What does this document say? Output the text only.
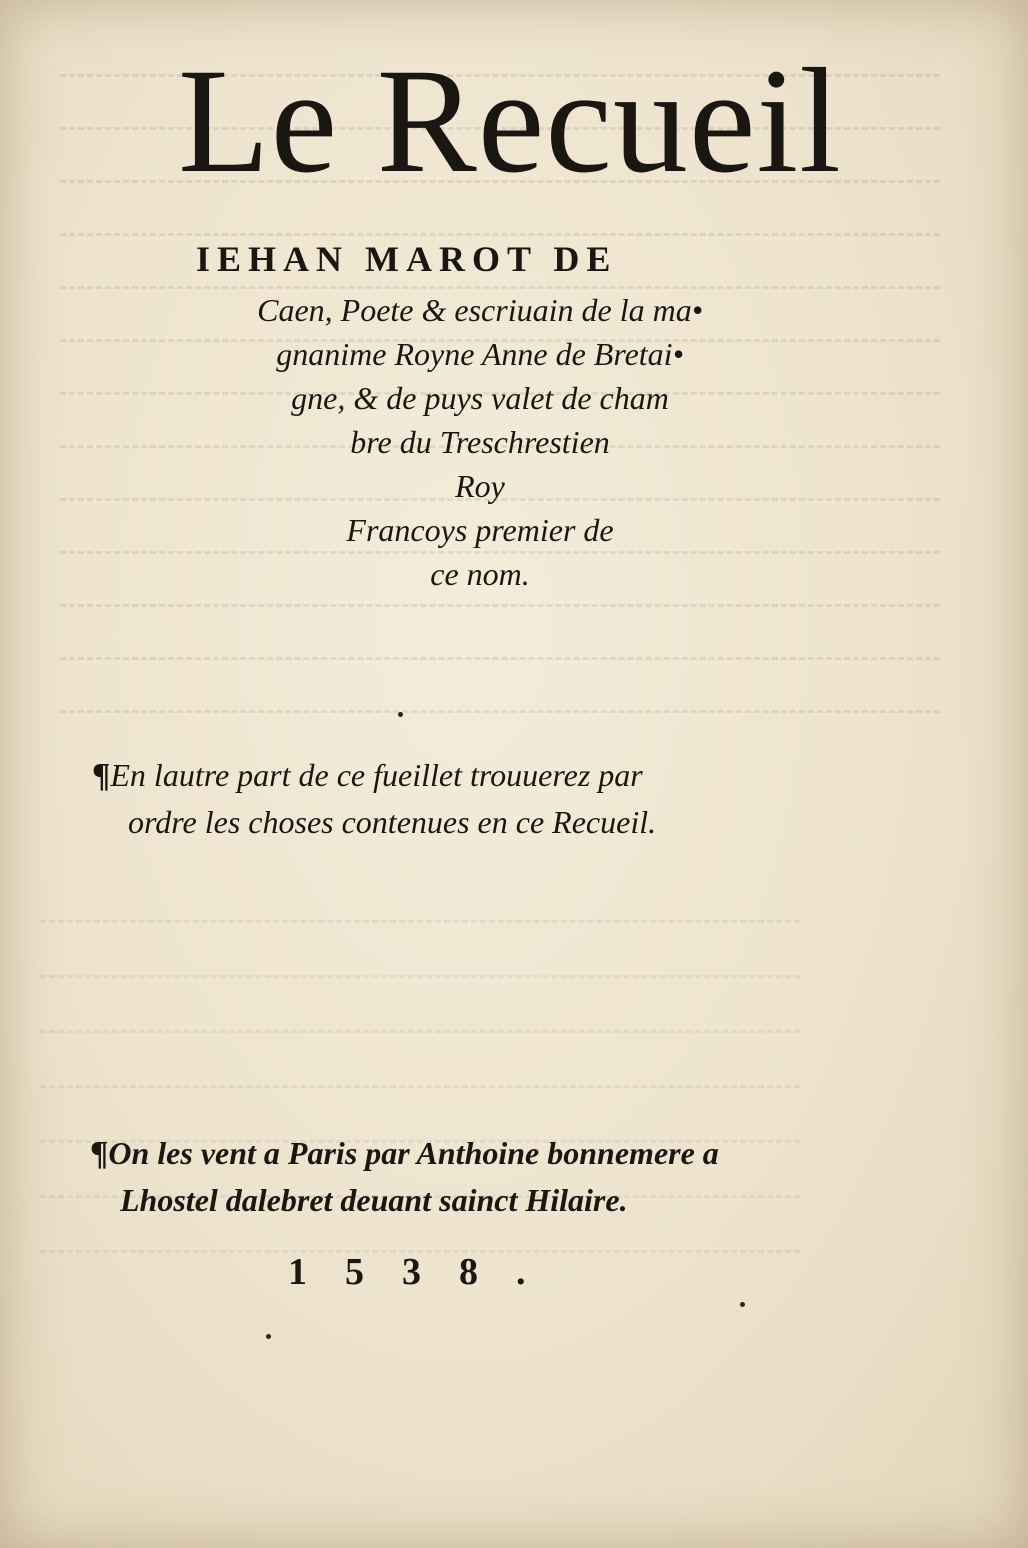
Le Recueil
IEHAN MAROT DE
Caen, Poete & escriuain de la ma•
gnanime Royne Anne de Bretai•
gne, & de puys valet de cham
bre du Treschrestien
Roy
Francoys premier de
ce nom.
¶En lautre part de ce fueillet trouuerez par
ordre les choses contenues en ce Recueil.
¶On les vent a Paris par Anthoine bonnemere a
Lhostel dalebret deuant sainct Hilaire.
1538.
